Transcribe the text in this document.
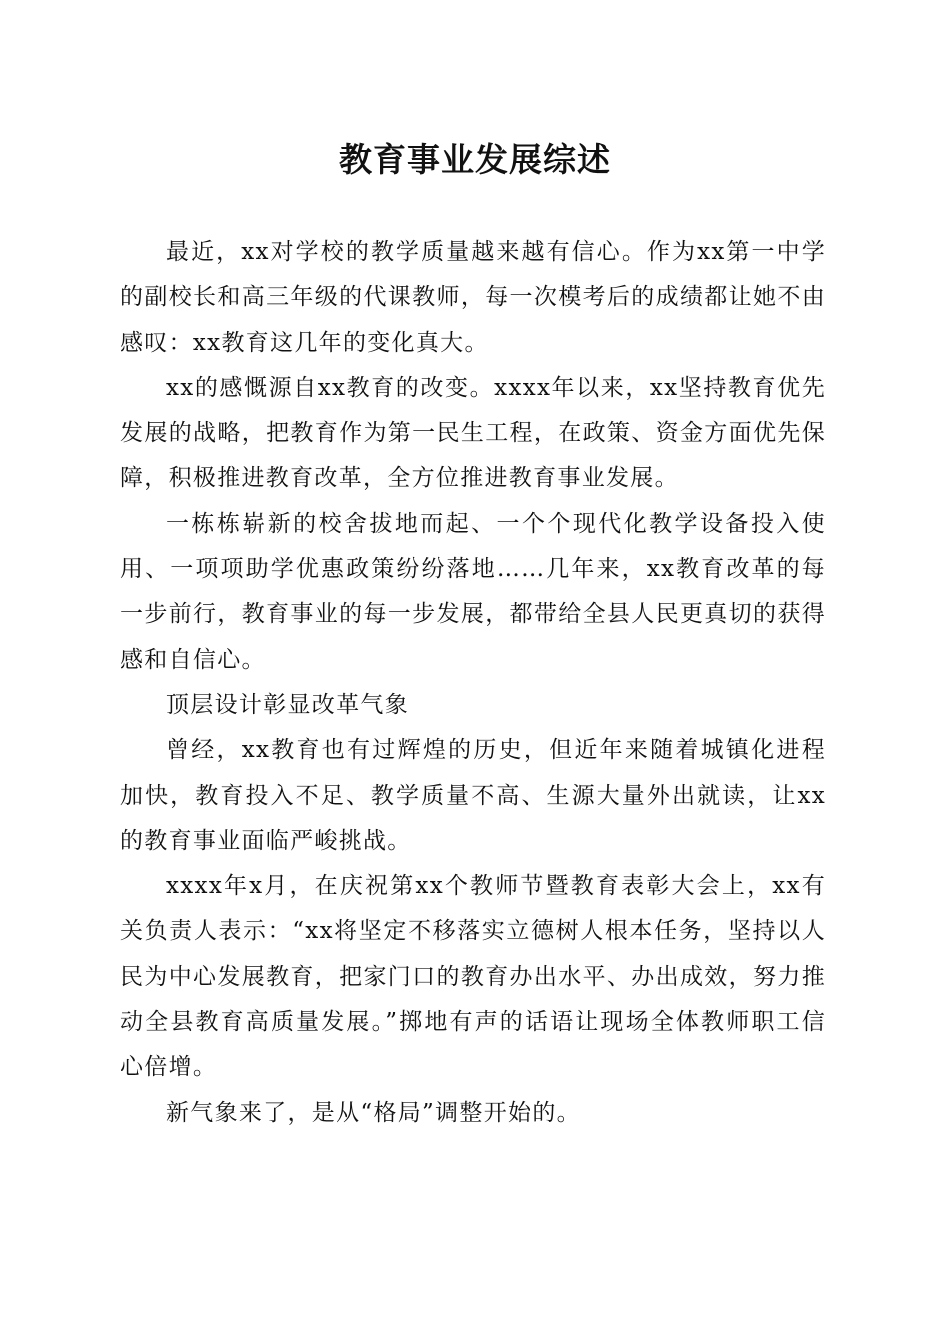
教育事业发展综述

最近，xx对学校的教学质量越来越有信心。作为xx第一中学的副校长和高三年级的代课教师，每一次模考后的成绩都让她不由感叹：xx教育这几年的变化真大。

xx的感慨源自xx教育的改变。xxxx年以来，xx坚持教育优先发展的战略，把教育作为第一民生工程，在政策、资金方面优先保障，积极推进教育改革，全方位推进教育事业发展。

一栋栋崭新的校舍拔地而起、一个个现代化教学设备投入使用、一项项助学优惠政策纷纷落地……几年来，xx教育改革的每一步前行，教育事业的每一步发展，都带给全县人民更真切的获得感和自信心。

顶层设计彰显改革气象

曾经，xx教育也有过辉煌的历史，但近年来随着城镇化进程加快，教育投入不足、教学质量不高、生源大量外出就读，让xx的教育事业面临严峻挑战。

xxxx年x月，在庆祝第xx个教师节暨教育表彰大会上，xx有关负责人表示：“xx将坚定不移落实立德树人根本任务，坚持以人民为中心发展教育，把家门口的教育办出水平、办出成效，努力推动全县教育高质量发展。”掷地有声的话语让现场全体教师职工信心倍增。

新气象来了，是从“格局”调整开始的。
